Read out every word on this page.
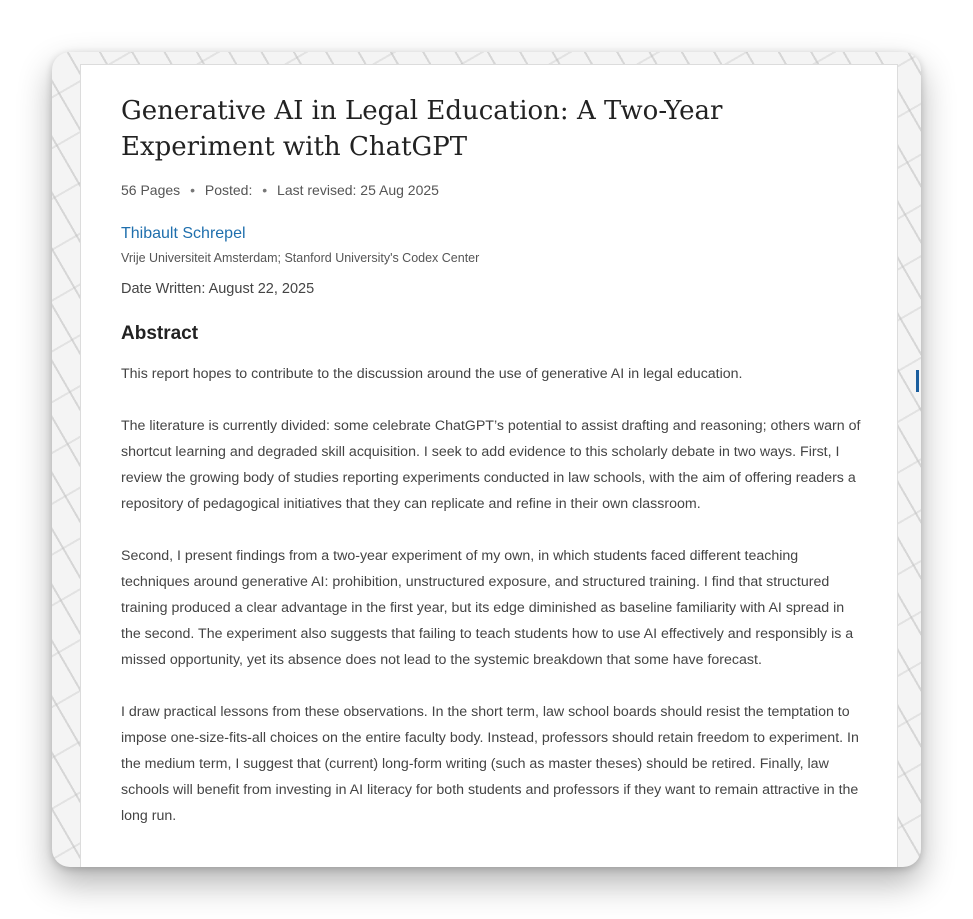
Generative AI in Legal Education: A Two-Year Experiment with ChatGPT
56 Pages • Posted: • Last revised: 25 Aug 2025
Thibault Schrepel
Vrije Universiteit Amsterdam; Stanford University's Codex Center
Date Written: August 22, 2025
Abstract

This report hopes to contribute to the discussion around the use of generative AI in legal education.

The literature is currently divided: some celebrate ChatGPT’s potential to assist drafting and reasoning; others warn of shortcut learning and degraded skill acquisition. I seek to add evidence to this scholarly debate in two ways. First, I review the growing body of studies reporting experiments conducted in law schools, with the aim of offering readers a repository of pedagogical initiatives that they can replicate and refine in their own classroom.

Second, I present findings from a two-year experiment of my own, in which students faced different teaching techniques around generative AI: prohibition, unstructured exposure, and structured training. I find that structured training produced a clear advantage in the first year, but its edge diminished as baseline familiarity with AI spread in the second. The experiment also suggests that failing to teach students how to use AI effectively and responsibly is a missed opportunity, yet its absence does not lead to the systemic breakdown that some have forecast.

I draw practical lessons from these observations. In the short term, law school boards should resist the temptation to impose one-size-fits-all choices on the entire faculty body. Instead, professors should retain freedom to experiment. In the medium term, I suggest that (current) long-form writing (such as master theses) should be retired. Finally, law schools will benefit from investing in AI literacy for both students and professors if they want to remain attractive in the long run.
